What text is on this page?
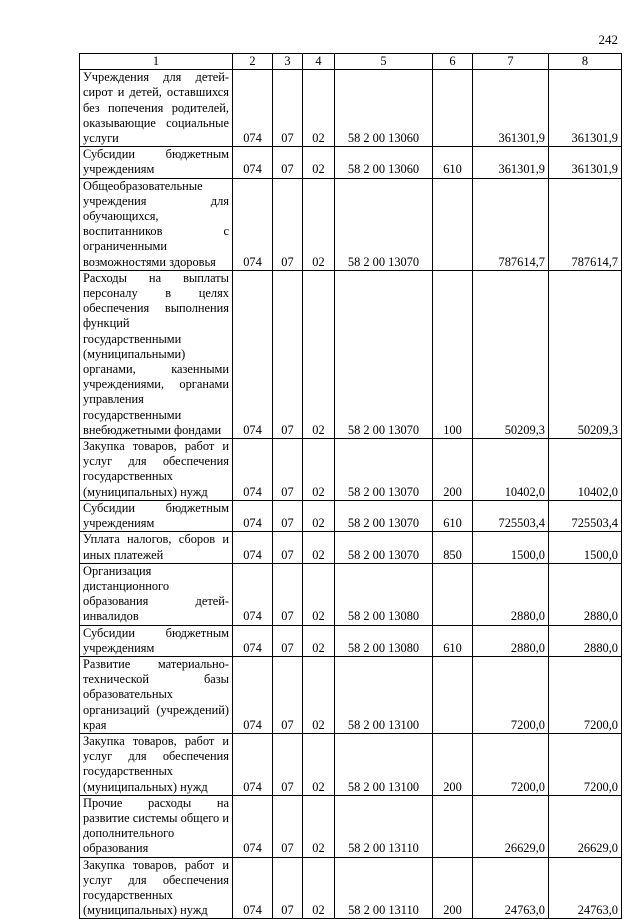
242
1	2	3	4	5	6	7	8
Учреждения для детей-сирот и детей, оставшихся без попечения родителей, оказывающие социальные услуги	074	07	02	58 2 00 13060		361301,9	361301,9
Субсидии бюджетным учреждениям	074	07	02	58 2 00 13060	610	361301,9	361301,9
Общеобразовательные учреждения для обучающихся, воспитанников с ограниченными возможностями здоровья	074	07	02	58 2 00 13070		787614,7	787614,7
Расходы на выплаты персоналу в целях обеспечения выполнения функций государственными (муниципальными) органами, казенными учреждениями, органами управления государственными внебюджетными фондами	074	07	02	58 2 00 13070	100	50209,3	50209,3
Закупка товаров, работ и услуг для обеспечения государственных (муниципальных) нужд	074	07	02	58 2 00 13070	200	10402,0	10402,0
Субсидии бюджетным учреждениям	074	07	02	58 2 00 13070	610	725503,4	725503,4
Уплата налогов, сборов и иных платежей	074	07	02	58 2 00 13070	850	1500,0	1500,0
Организация дистанционного образования детей-инвалидов	074	07	02	58 2 00 13080		2880,0	2880,0
Субсидии бюджетным учреждениям	074	07	02	58 2 00 13080	610	2880,0	2880,0
Развитие материально-технической базы образовательных организаций (учреждений) края	074	07	02	58 2 00 13100		7200,0	7200,0
Закупка товаров, работ и услуг для обеспечения государственных (муниципальных) нужд	074	07	02	58 2 00 13100	200	7200,0	7200,0
Прочие расходы на развитие системы общего и дополнительного образования	074	07	02	58 2 00 13110		26629,0	26629,0
Закупка товаров, работ и услуг для обеспечения государственных (муниципальных) нужд	074	07	02	58 2 00 13110	200	24763,0	24763,0
